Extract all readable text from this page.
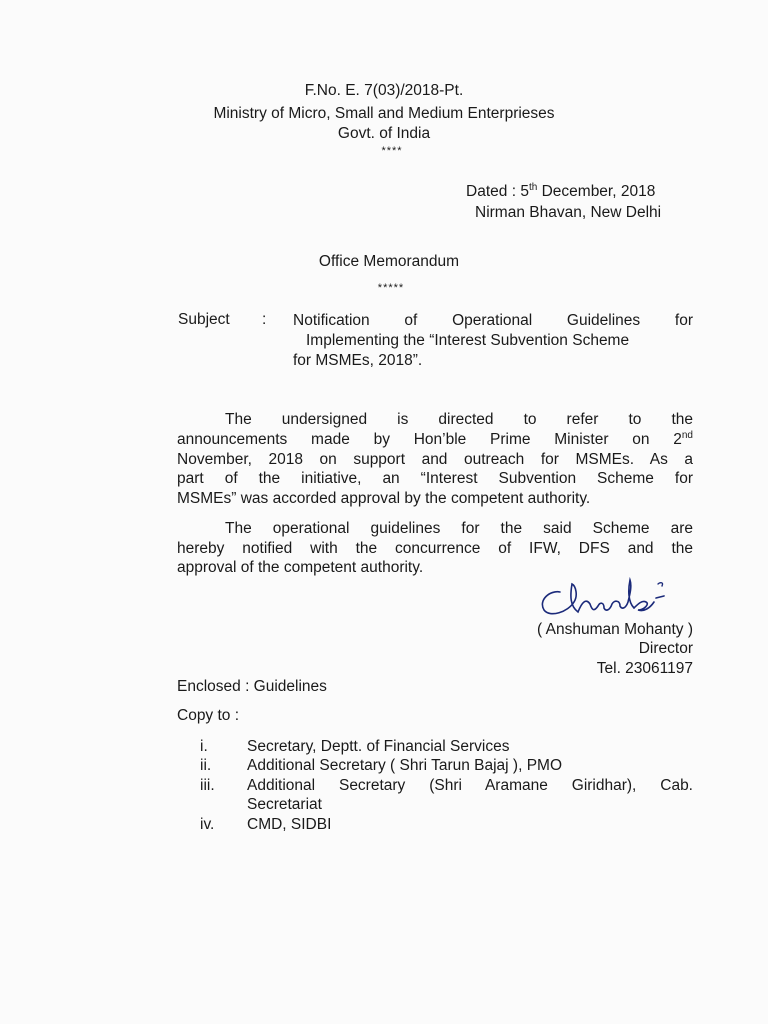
F.No. E. 7(03)/2018-Pt.
Ministry of Micro, Small and Medium Enterprieses
Govt. of India
****
Dated : 5th December, 2018
Nirman Bhavan, New Delhi
Office Memorandum
*****
Subject : Notification of Operational Guidelines for
Implementing the “Interest Subvention Scheme
for MSMEs, 2018”.
The undersigned is directed to refer to the
announcements made by Hon’ble Prime Minister on 2nd
November, 2018 on support and outreach for MSMEs. As a
part of the initiative, an “Interest Subvention Scheme for
MSMEs” was accorded approval by the competent authority.
The operational guidelines for the said Scheme are
hereby notified with the concurrence of IFW, DFS and the
approval of the competent authority.
( Anshuman Mohanty )
Director
Tel. 23061197
Enclosed : Guidelines
Copy to :
i.	Secretary, Deptt. of Financial Services
ii. Additional Secretary ( Shri Tarun Bajaj ), PMO
iii. Additional Secretary (Shri Aramane Giridhar), Cab.
Secretariat
iv. CMD, SIDBI
